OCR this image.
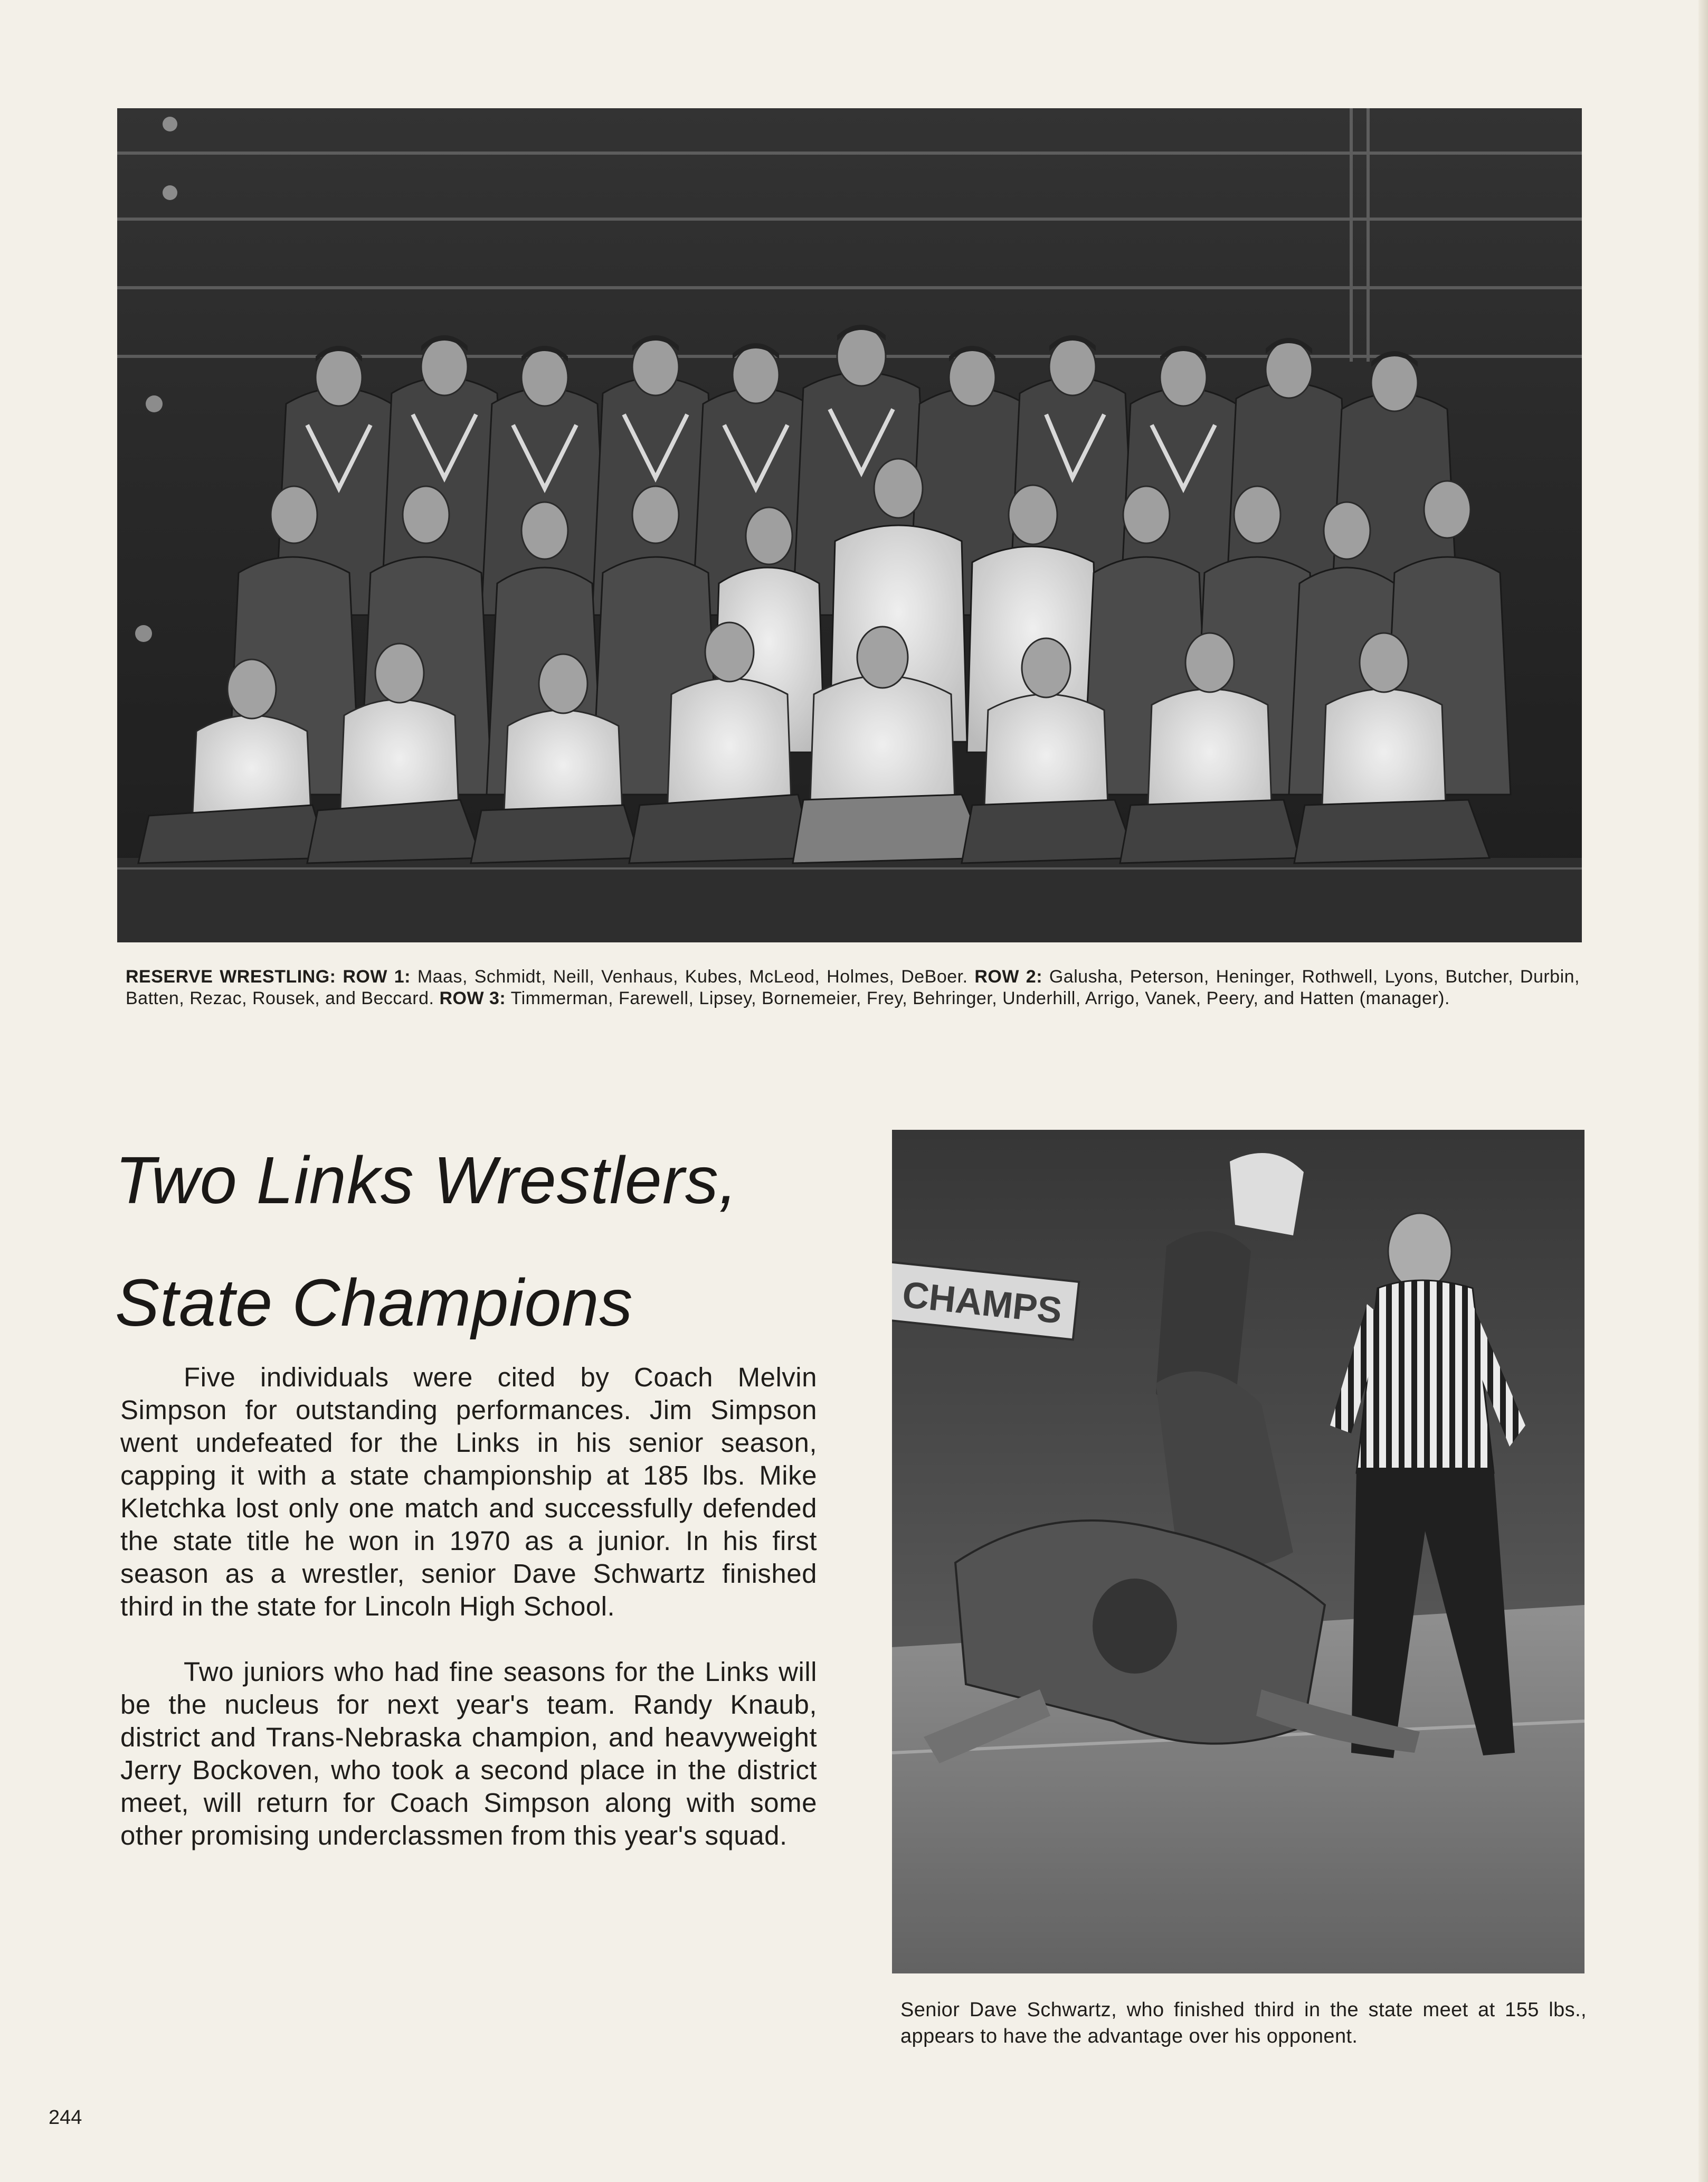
RESERVE WRESTLING: ROW 1: Maas, Schmidt, Neill, Venhaus, Kubes, McLeod, Holmes, DeBoer. ROW 2: Galusha, Peterson, Heninger, Rothwell, Lyons, Butcher, Durbin, Batten, Rezac, Rousek, and Beccard. ROW 3: Timmerman, Farewell, Lipsey, Bornemeier, Frey, Behringer, Underhill, Arrigo, Vanek, Peery, and Hatten (manager).
Two Links Wrestlers,
State Champions

Five individuals were cited by Coach Melvin Simpson for outstanding performances. Jim Simpson went undefeated for the Links in his senior season, capping it with a state championship at 185 lbs. Mike Kletchka lost only one match and successfully defended the state title he won in 1970 as a junior. In his first season as a wrestler, senior Dave Schwartz finished third in the state for Lincoln High School.

Two juniors who had fine seasons for the Links will be the nucleus for next year's team. Randy Knaub, district and Trans-Nebraska champion, and heavyweight Jerry Bockoven, who took a second place in the district meet, will return for Coach Simpson along with some other promising underclassmen from this year's squad.

CHAMPS
Senior Dave Schwartz, who finished third in the state meet at 155 lbs., appears to have the advantage over his opponent.
244
